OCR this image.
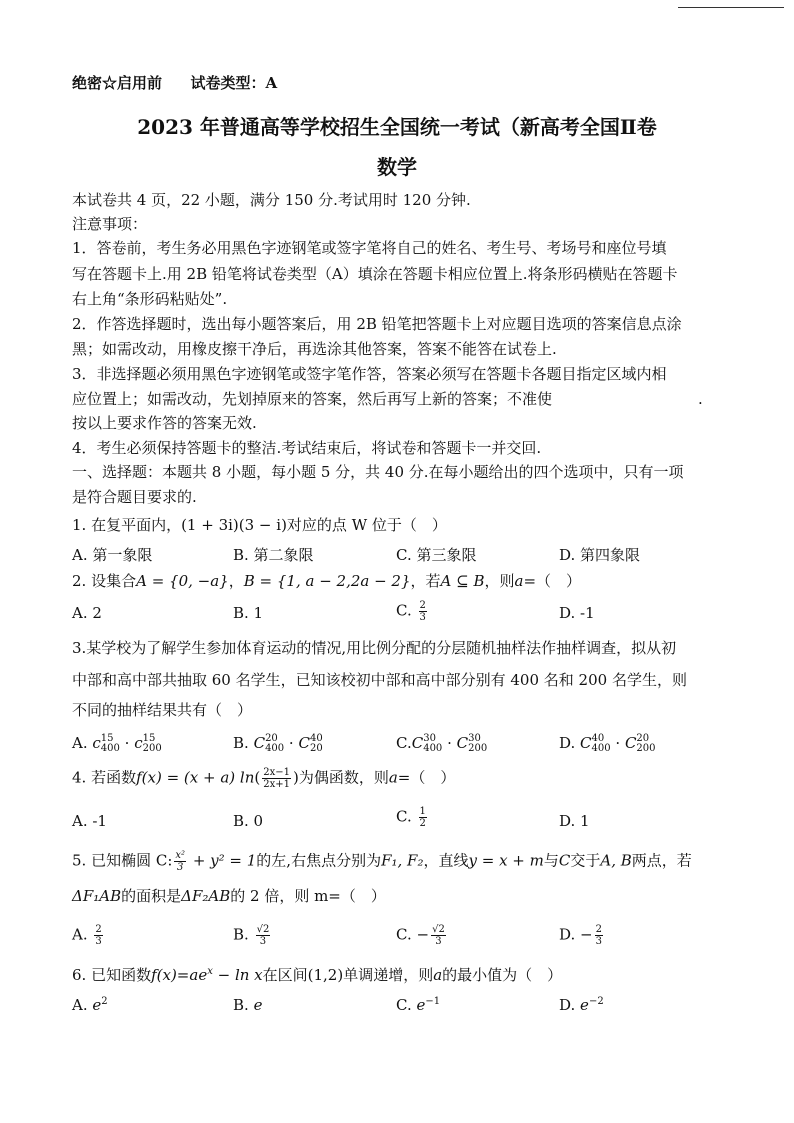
绝密☆启用前 试卷类型：A
2023 年普通高等学校招生全国统一考试（新高考全国Ⅱ卷
数学
本试卷共 4 页，22 小题，满分 150 分.考试用时 120 分钟.
注意事项：
1．答卷前，考生务必用黑色字迹钢笔或签字笔将自己的姓名、考生号、考场号和座位号填
写在答题卡上.用 2B 铅笔将试卷类型（A）填涂在答题卡相应位置上.将条形码横贴在答题卡
右上角“条形码粘贴处”.
2．作答选择题时，选出每小题答案后，用 2B 铅笔把答题卡上对应题目选项的答案信息点涂
黑；如需改动，用橡皮擦干净后，再选涂其他答案，答案不能答在试卷上.
3．非选择题必须用黑色字迹钢笔或签字笔作答，答案必须写在答题卡各题目指定区域内相
应位置上；如需改动，先划掉原来的答案，然后再写上新的答案；不准使	.
按以上要求作答的答案无效.
4．考生必须保持答题卡的整洁.考试结束后，将试卷和答题卡一并交回.
一、选择题：本题共 8 小题，每小题 5 分，共 40 分.在每小题给出的四个选项中，只有一项
是符合题目要求的.
1. 在复平面内，(1 + 3i)(3 − i)对应的点 W 位于（　）
A. 第一象限	B. 第二象限	C. 第三象限	D. 第四象限
2. 设集合A = {0, −a}，B = {1, a − 2,2a − 2}，若A ⊆ B，则a=（　）
A. 2	B. 1	C. $\frac{2}{3}$	D. -1
3.某学校为了解学生参加体育运动的情况,用比例分配的分层随机抽样法作抽样调查，拟从初
中部和高中部共抽取 60 名学生，已知该校初中部和高中部分别有 400 名和 200 名学生，则
不同的抽样结果共有（　）
A. c 15
400 · c 15
200	B. C 20
400 · C 40
20	C.C 30
400 · C 30
200	D. C 40
400 · C 20
200
4. 若函数f(x) = (x + a) $\ln( \frac{2x-1}{2x+1}$ )为偶函数，则a=（　）
A. -1	B. 0	C. $\frac{1}{2}$	D. 1
5. 已知椭圆 C: $\frac{\text{x²}}{3} + y^2 = 1$的左,右焦点分别为F₁, F₂，直线y = x + m与C交于A, B两点，若
ΔF₁AB的面积是ΔF₂AB的 2 倍，则 m=（　）
A. $\frac{2}{3}$	B. $\frac{√2}{3}$	C. − $\frac{√2}{3}$	D. − $\frac{2}{3}$
6. 已知函数$f(x)=ae^x - \ln x$在区间(1,2)单调递增，则a的最小值为（　）
A. $e^2$	B. e	C. $e^{-1}$	D. $e^{-2}$
